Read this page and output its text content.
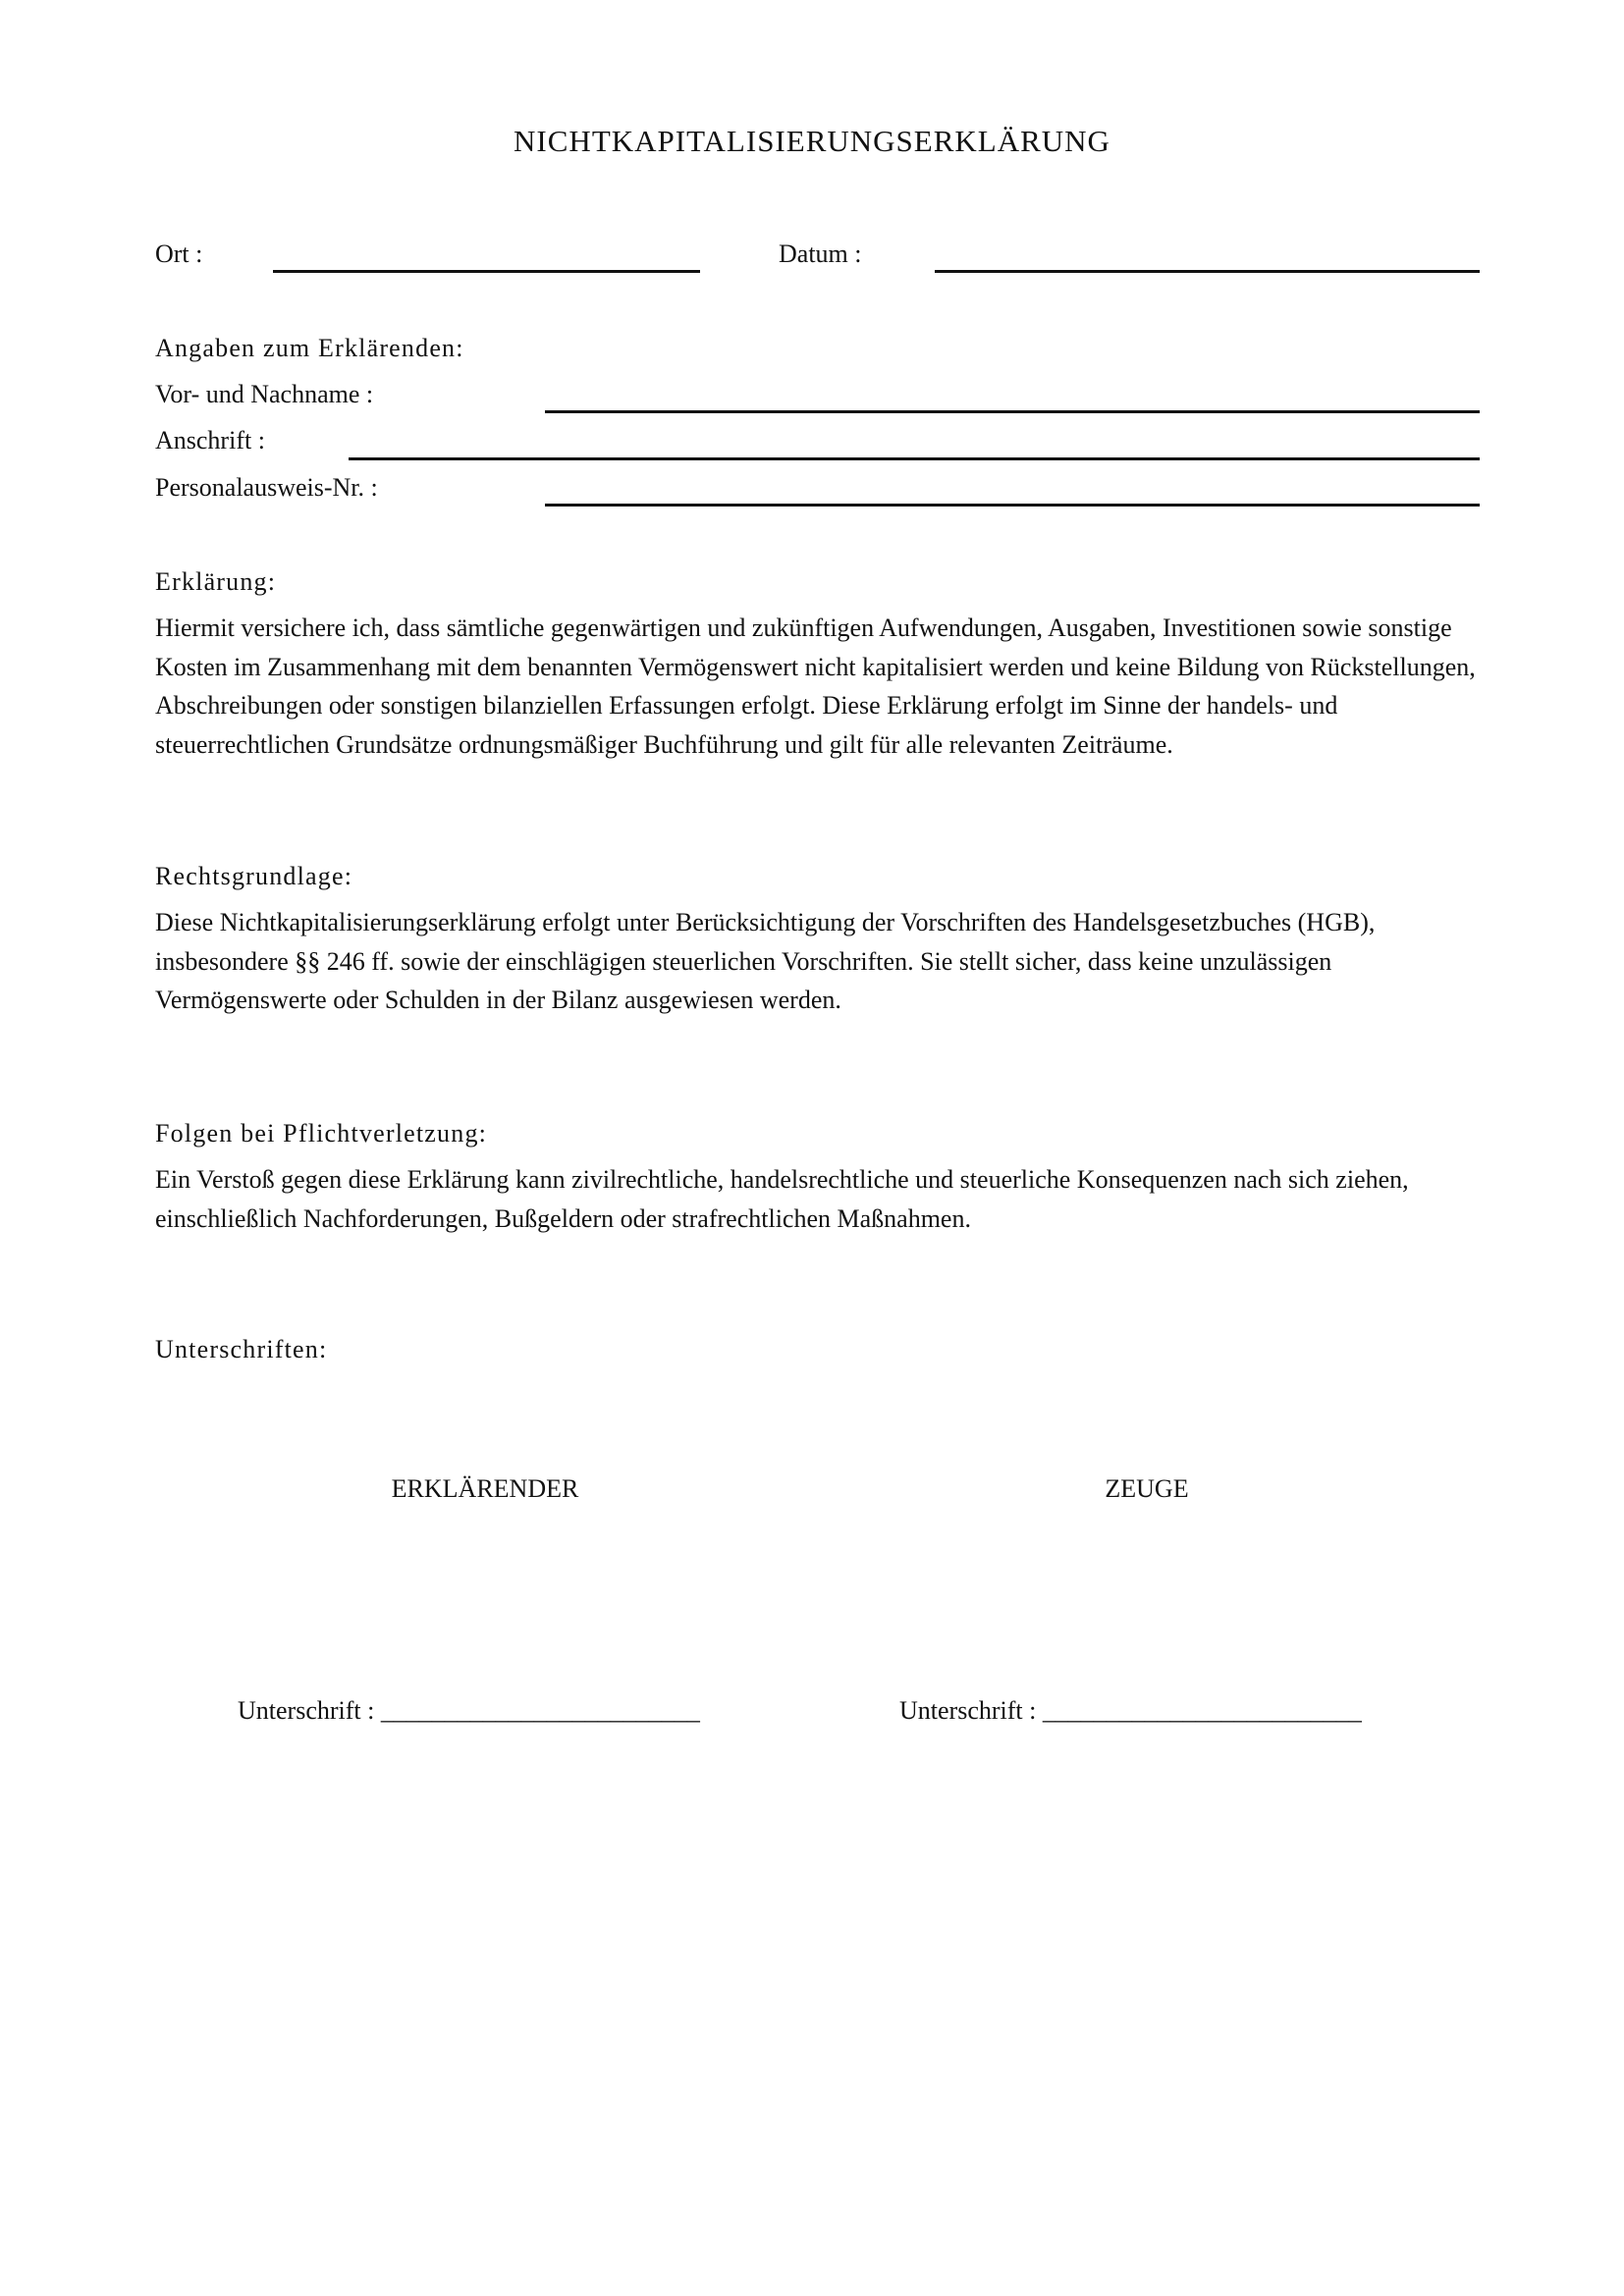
NICHTKAPITALISIERUNGSERKLÄRUNG
Ort :	Datum :
Angaben zum Erklärenden:
Vor- und Nachname :
Anschrift :
Personalausweis-Nr. :
Erklärung:
Hiermit versichere ich, dass sämtliche gegenwärtigen und zukünftigen Aufwendungen, Ausgaben, Investitionen sowie sonstige Kosten im Zusammenhang mit dem benannten Vermögenswert nicht kapitalisiert werden und keine Bildung von Rückstellungen, Abschreibungen oder sonstigen bilanziellen Erfassungen erfolgt. Diese Erklärung erfolgt im Sinne der handels- und steuerrechtlichen Grundsätze ordnungsmäßiger Buchführung und gilt für alle relevanten Zeiträume.
Rechtsgrundlage:
Diese Nichtkapitalisierungserklärung erfolgt unter Berücksichtigung der Vorschriften des Handelsgesetzbuches (HGB), insbesondere §§ 246 ff. sowie der einschlägigen steuerlichen Vorschriften. Sie stellt sicher, dass keine unzulässigen Vermögenswerte oder Schulden in der Bilanz ausgewiesen werden.
Folgen bei Pflichtverletzung:
Ein Verstoß gegen diese Erklärung kann zivilrechtliche, handelsrechtliche und steuerliche Konsequenzen nach sich ziehen, einschließlich Nachforderungen, Bußgeldern oder strafrechtlichen Maßnahmen.
Unterschriften:
ERKLÄRENDER	ZEUGE
Unterschrift : _________________________	Unterschrift : _________________________
